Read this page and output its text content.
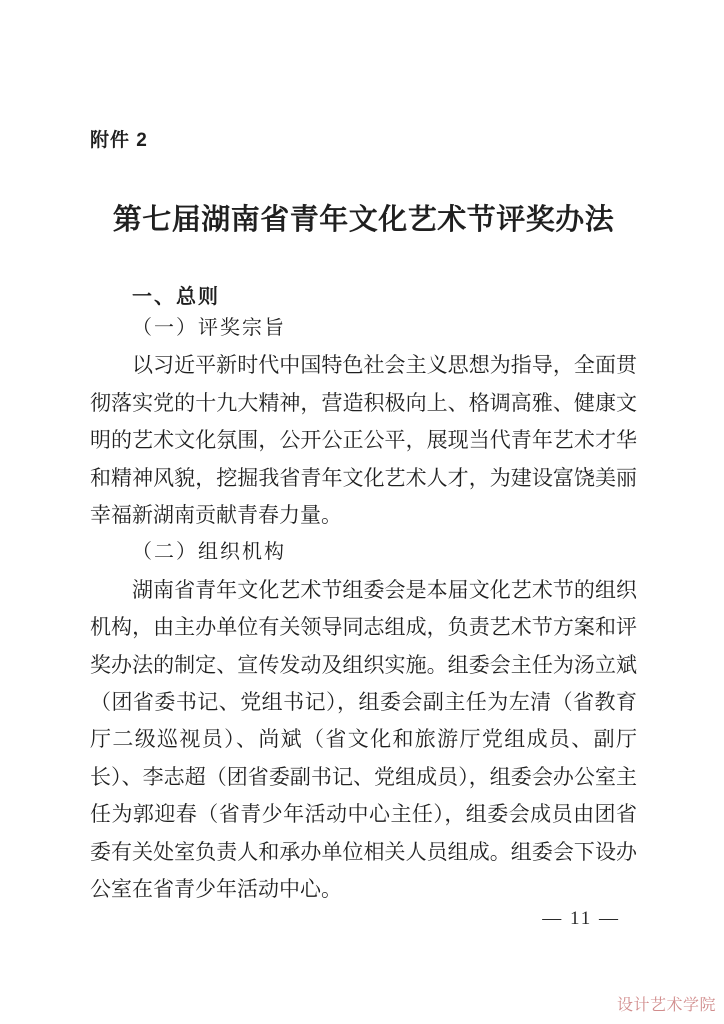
附件 2
第七届湖南省青年文化艺术节评奖办法
一、总则
（一）评奖宗旨

以习近平新时代中国特色社会主义思想为指导，全面贯彻落实党的十九大精神，营造积极向上、格调高雅、健康文明的艺术文化氛围，公开公正公平，展现当代青年艺术才华和精神风貌，挖掘我省青年文化艺术人才，为建设富饶美丽幸福新湖南贡献青春力量。

（二）组织机构

湖南省青年文化艺术节组委会是本届文化艺术节的组织机构，由主办单位有关领导同志组成，负责艺术节方案和评奖办法的制定、宣传发动及组织实施。组委会主任为汤立斌（团省委书记、党组书记），组委会副主任为左清（省教育厅二级巡视员）、尚斌（省文化和旅游厅党组成员、副厅长）、李志超（团省委副书记、党组成员），组委会办公室主任为郭迎春（省青少年活动中心主任），组委会成员由团省委有关处室负责人和承办单位相关人员组成。组委会下设办公室在省青少年活动中心。

— 11 —
设计艺术学院
